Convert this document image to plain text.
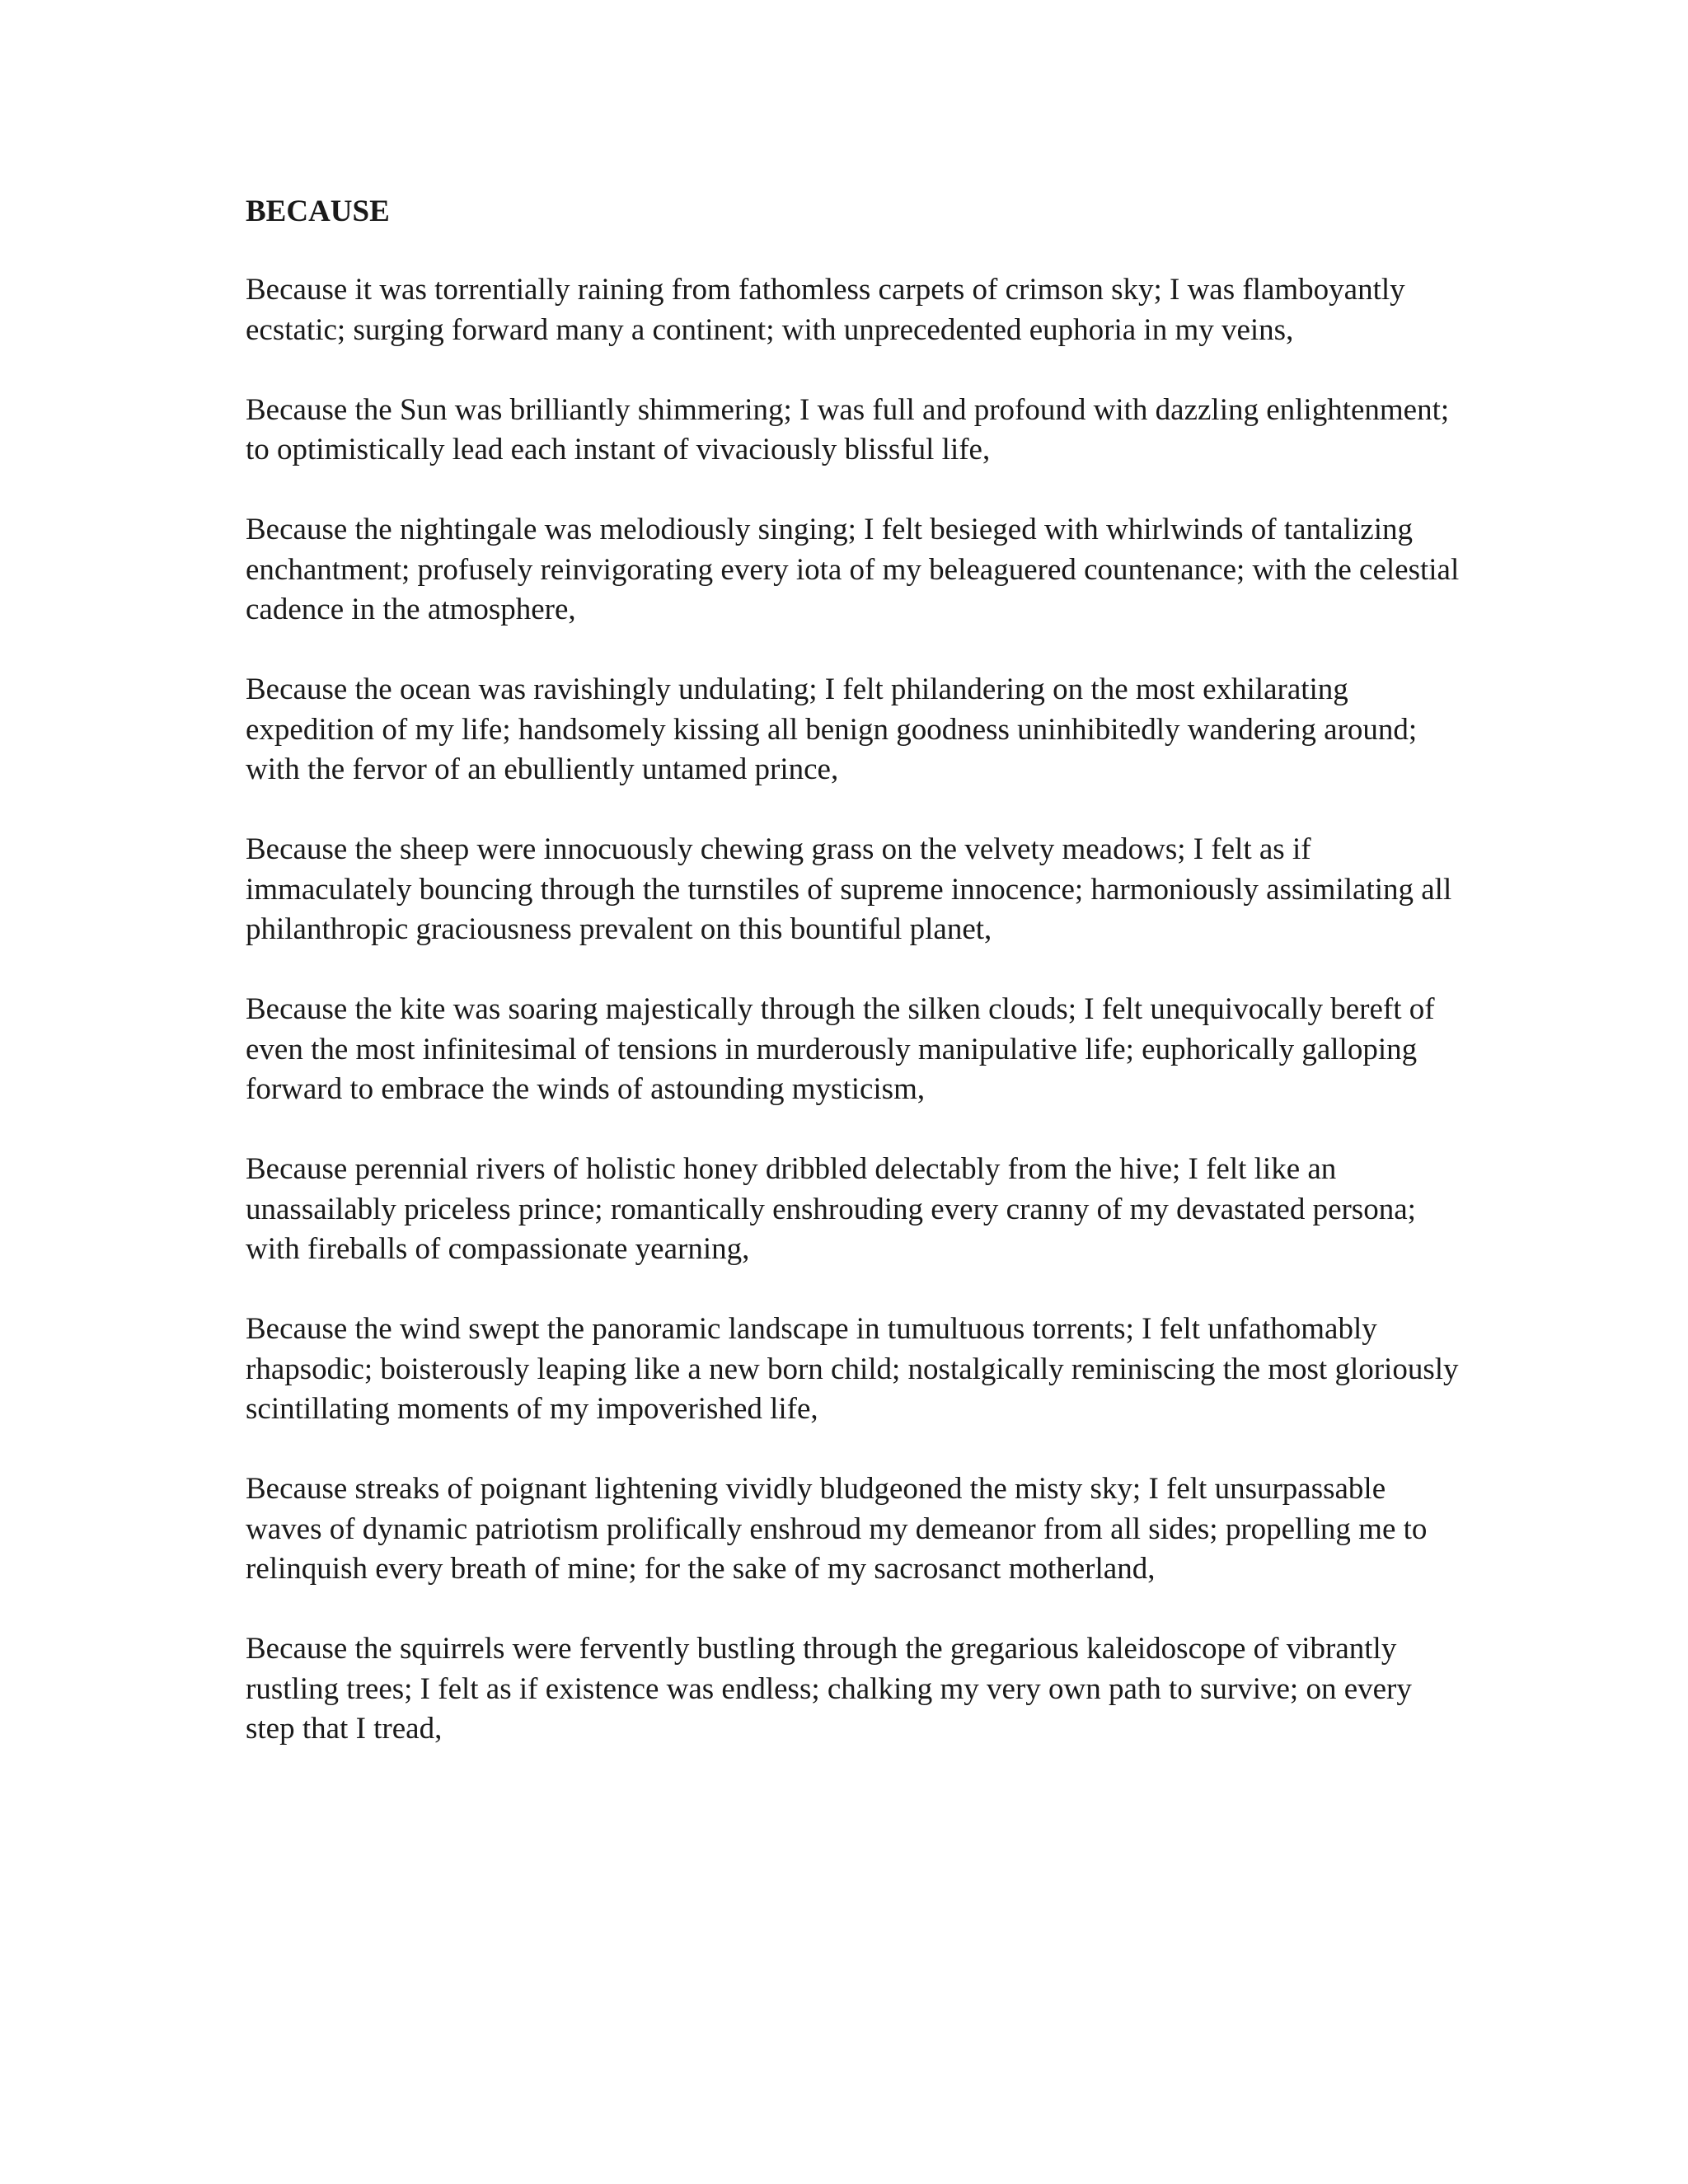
BECAUSE

Because it was torrentially raining from fathomless carpets of crimson sky; I was flamboyantly ecstatic; surging forward many a continent; with unprecedented euphoria in my veins,

Because the Sun was brilliantly shimmering; I was full and profound with dazzling enlightenment; to optimistically lead each instant of vivaciously blissful life,

Because the nightingale was melodiously singing; I felt besieged with whirlwinds of tantalizing enchantment; profusely reinvigorating every iota of my beleaguered countenance; with the celestial cadence in the atmosphere,

Because the ocean was ravishingly undulating; I felt philandering on the most exhilarating expedition of my life; handsomely kissing all benign goodness uninhibitedly wandering around; with the fervor of an ebulliently untamed prince,

Because the sheep were innocuously chewing grass on the velvety meadows; I felt as if immaculately bouncing through the turnstiles of supreme innocence; harmoniously assimilating all philanthropic graciousness prevalent on this bountiful planet,

Because the kite was soaring majestically through the silken clouds; I felt unequivocally bereft of even the most infinitesimal of tensions in murderously manipulative life; euphorically galloping forward to embrace the winds of astounding mysticism,

Because perennial rivers of holistic honey dribbled delectably from the hive; I felt like an unassailably priceless prince; romantically enshrouding every cranny of my devastated persona; with fireballs of compassionate yearning,

Because the wind swept the panoramic landscape in tumultuous torrents; I felt unfathomably rhapsodic; boisterously leaping like a new born child; nostalgically reminiscing the most gloriously scintillating moments of my impoverished life,

Because streaks of poignant lightening vividly bludgeoned the misty sky; I felt unsurpassable waves of dynamic patriotism prolifically enshroud my demeanor from all sides; propelling me to relinquish every breath of mine; for the sake of my sacrosanct motherland,

Because the squirrels were fervently bustling through the gregarious kaleidoscope of vibrantly rustling trees; I felt as if existence was endless; chalking my very own path to survive; on every step that I tread,
